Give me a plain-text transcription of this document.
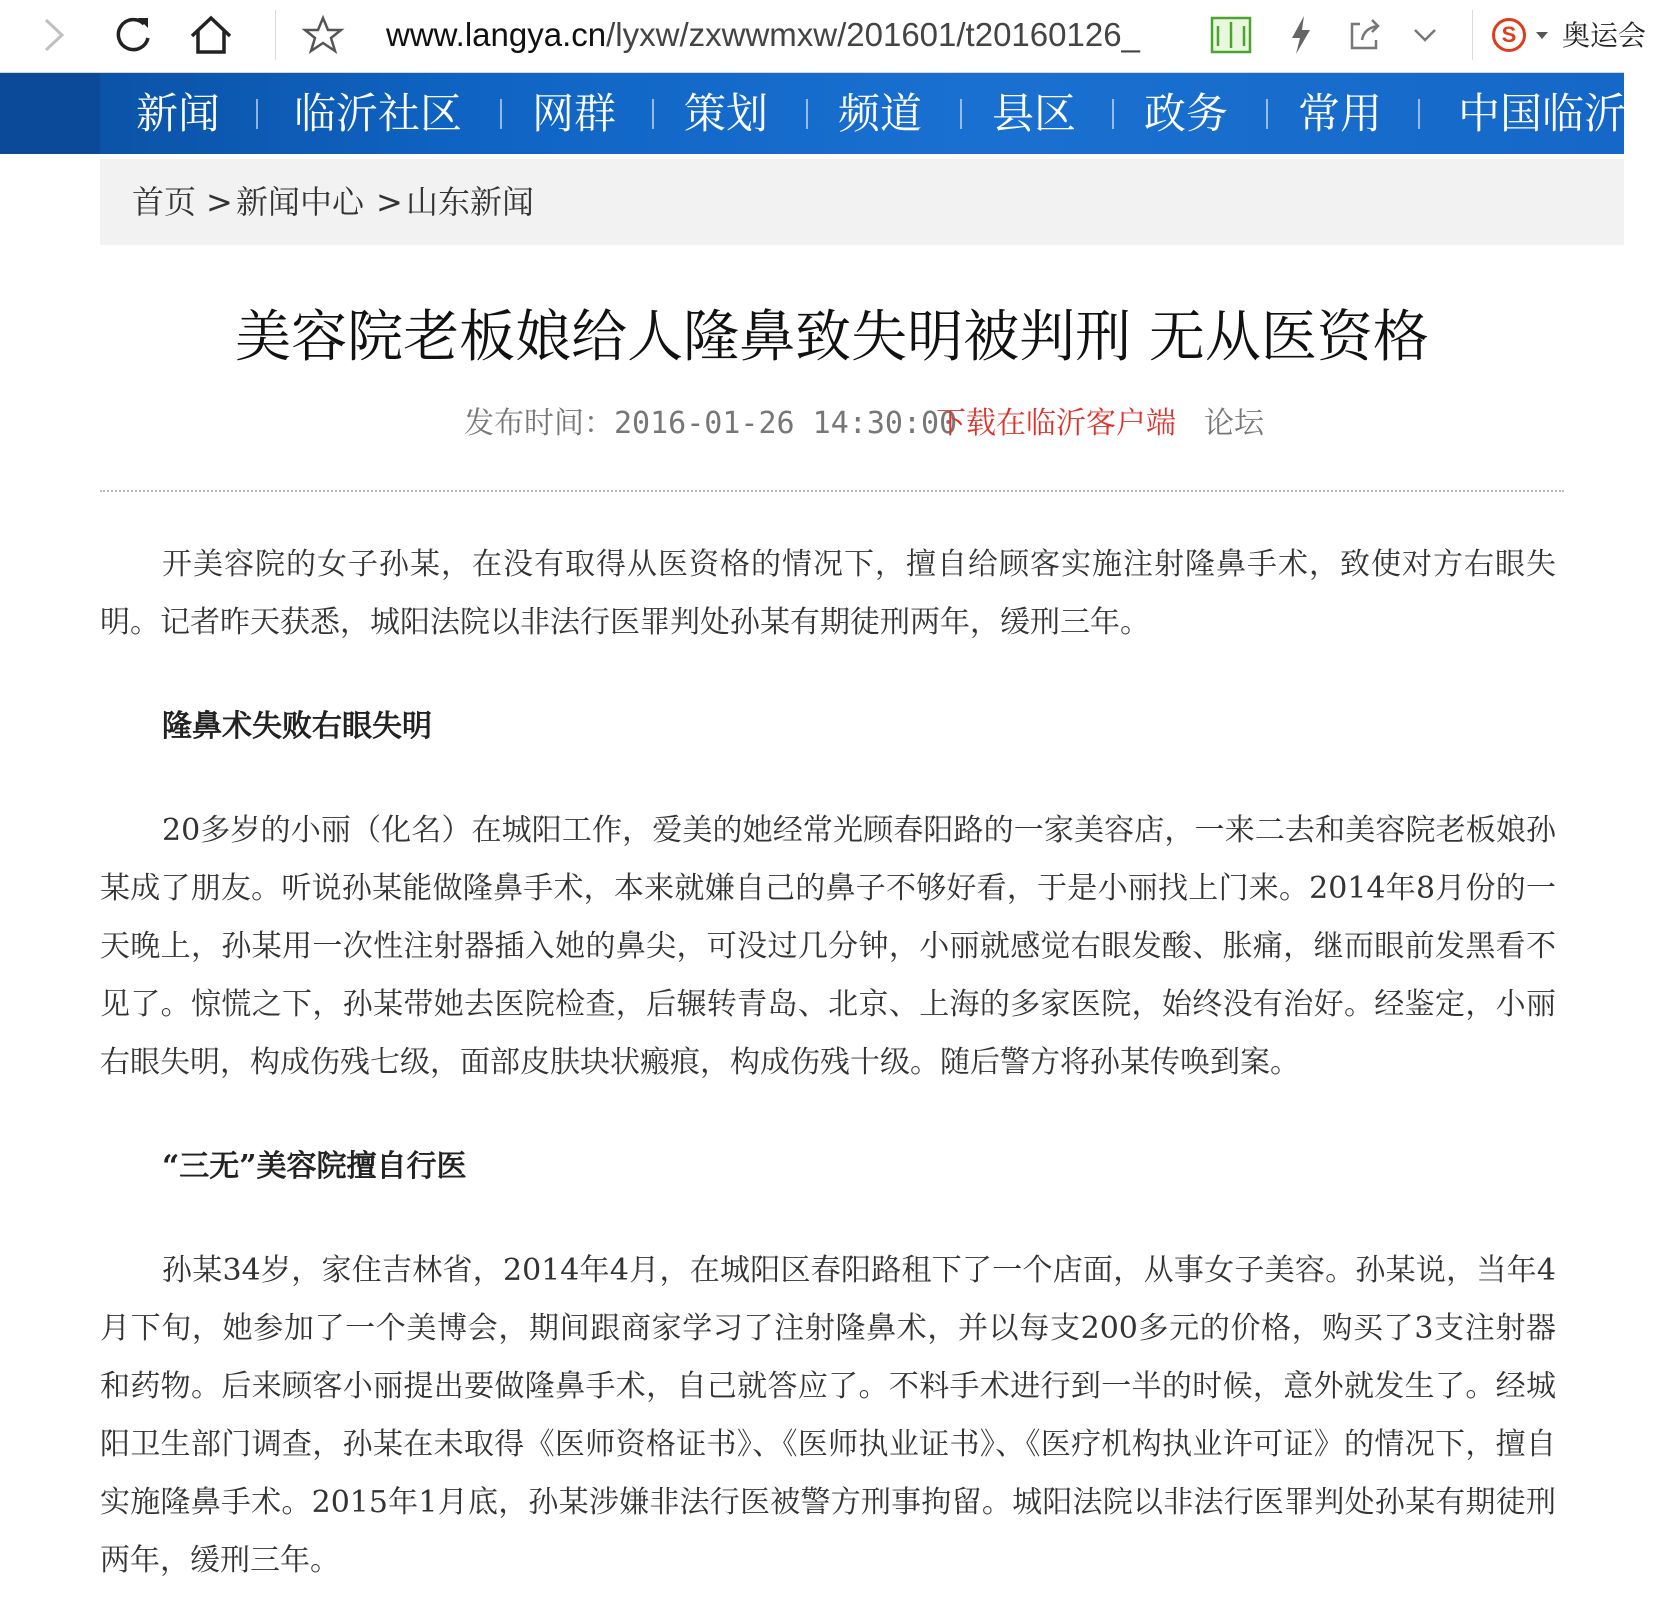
www.langya.cn/lyxw/zxwwmxw/201601/t20160126_	S	奥运会
新闻 临沂社区 网群 策划 频道 县区 政务 常用 中国临沂
首页 > 新闻中心 > 山东新闻
美容院老板娘给人隆鼻致失明被判刑 无从医资格
发布时间：2016-01-26 14:30:00
下载在临沂客户端 论坛

开美容院的女子孙某，在没有取得从医资格的情况下，擅自给顾客实施注射隆鼻手术，致使对方右眼失明。记者昨天获悉，城阳法院以非法行医罪判处孙某有期徒刑两年，缓刑三年。

隆鼻术失败右眼失明

20多岁的小丽（化名）在城阳工作，爱美的她经常光顾春阳路的一家美容店，一来二去和美容院老板娘孙某成了朋友。听说孙某能做隆鼻手术，本来就嫌自己的鼻子不够好看，于是小丽找上门来。2014年8月份的一天晚上，孙某用一次性注射器插入她的鼻尖，可没过几分钟，小丽就感觉右眼发酸、胀痛，继而眼前发黑看不见了。惊慌之下，孙某带她去医院检查，后辗转青岛、北京、上海的多家医院，始终没有治好。经鉴定，小丽右眼失明，构成伤残七级，面部皮肤块状瘢痕，构成伤残十级。随后警方将孙某传唤到案。

“三无”美容院擅自行医

孙某34岁，家住吉林省，2014年4月，在城阳区春阳路租下了一个店面，从事女子美容。孙某说，当年4月下旬，她参加了一个美博会，期间跟商家学习了注射隆鼻术，并以每支200多元的价格，购买了3支注射器和药物。后来顾客小丽提出要做隆鼻手术，自己就答应了。不料手术进行到一半的时候，意外就发生了。经城阳卫生部门调查，孙某在未取得《医师资格证书》、《医师执业证书》、《医疗机构执业许可证》的情况下，擅自实施隆鼻手术。2015年1月底，孙某涉嫌非法行医被警方刑事拘留。城阳法院以非法行医罪判处孙某有期徒刑两年，缓刑三年。
